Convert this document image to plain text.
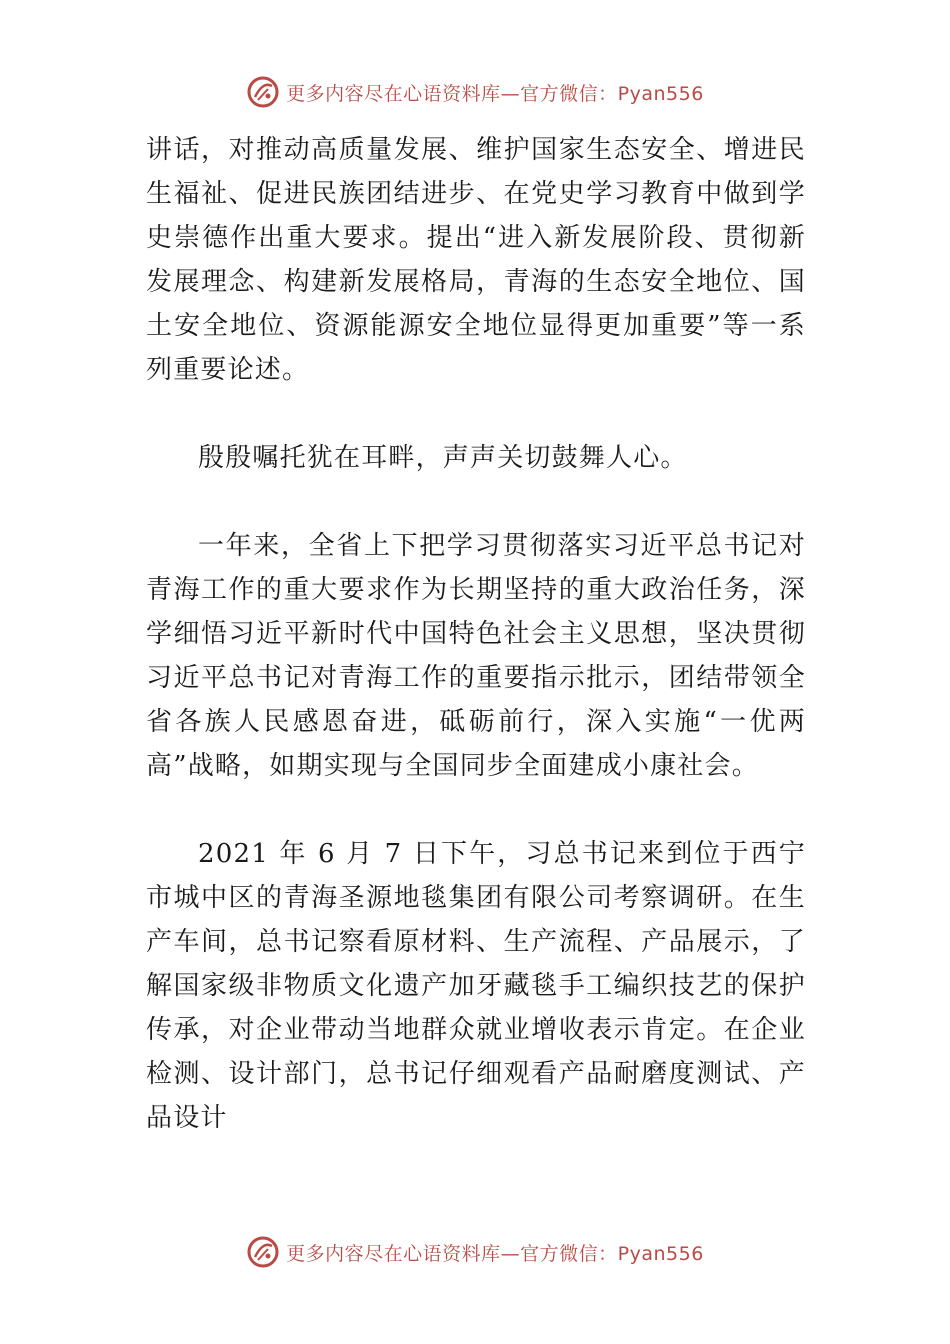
更多内容尽在心语资料库—官方微信：Pyan556

讲话，对推动高质量发展、维护国家生态安全、增进民生福祉、促进民族团结进步、在党史学习教育中做到学史崇德作出重大要求。提出“进入新发展阶段、贯彻新发展理念、构建新发展格局，青海的生态安全地位、国土安全地位、资源能源安全地位显得更加重要”等一系列重要论述。

殷殷嘱托犹在耳畔，声声关切鼓舞人心。

一年来，全省上下把学习贯彻落实习近平总书记对青海工作的重大要求作为长期坚持的重大政治任务，深学细悟习近平新时代中国特色社会主义思想，坚决贯彻习近平总书记对青海工作的重要指示批示，团结带领全省各族人民感恩奋进，砥砺前行，深入实施“一优两高”战略，如期实现与全国同步全面建成小康社会。

2021 年 6 月 7 日下午，习总书记来到位于西宁市城中区的青海圣源地毯集团有限公司考察调研。在生产车间，总书记察看原材料、生产流程、产品展示，了解国家级非物质文化遗产加牙藏毯手工编织技艺的保护传承，对企业带动当地群众就业增收表示肯定。在企业检测、设计部门，总书记仔细观看产品耐磨度测试、产品设计

更多内容尽在心语资料库—官方微信：Pyan556
